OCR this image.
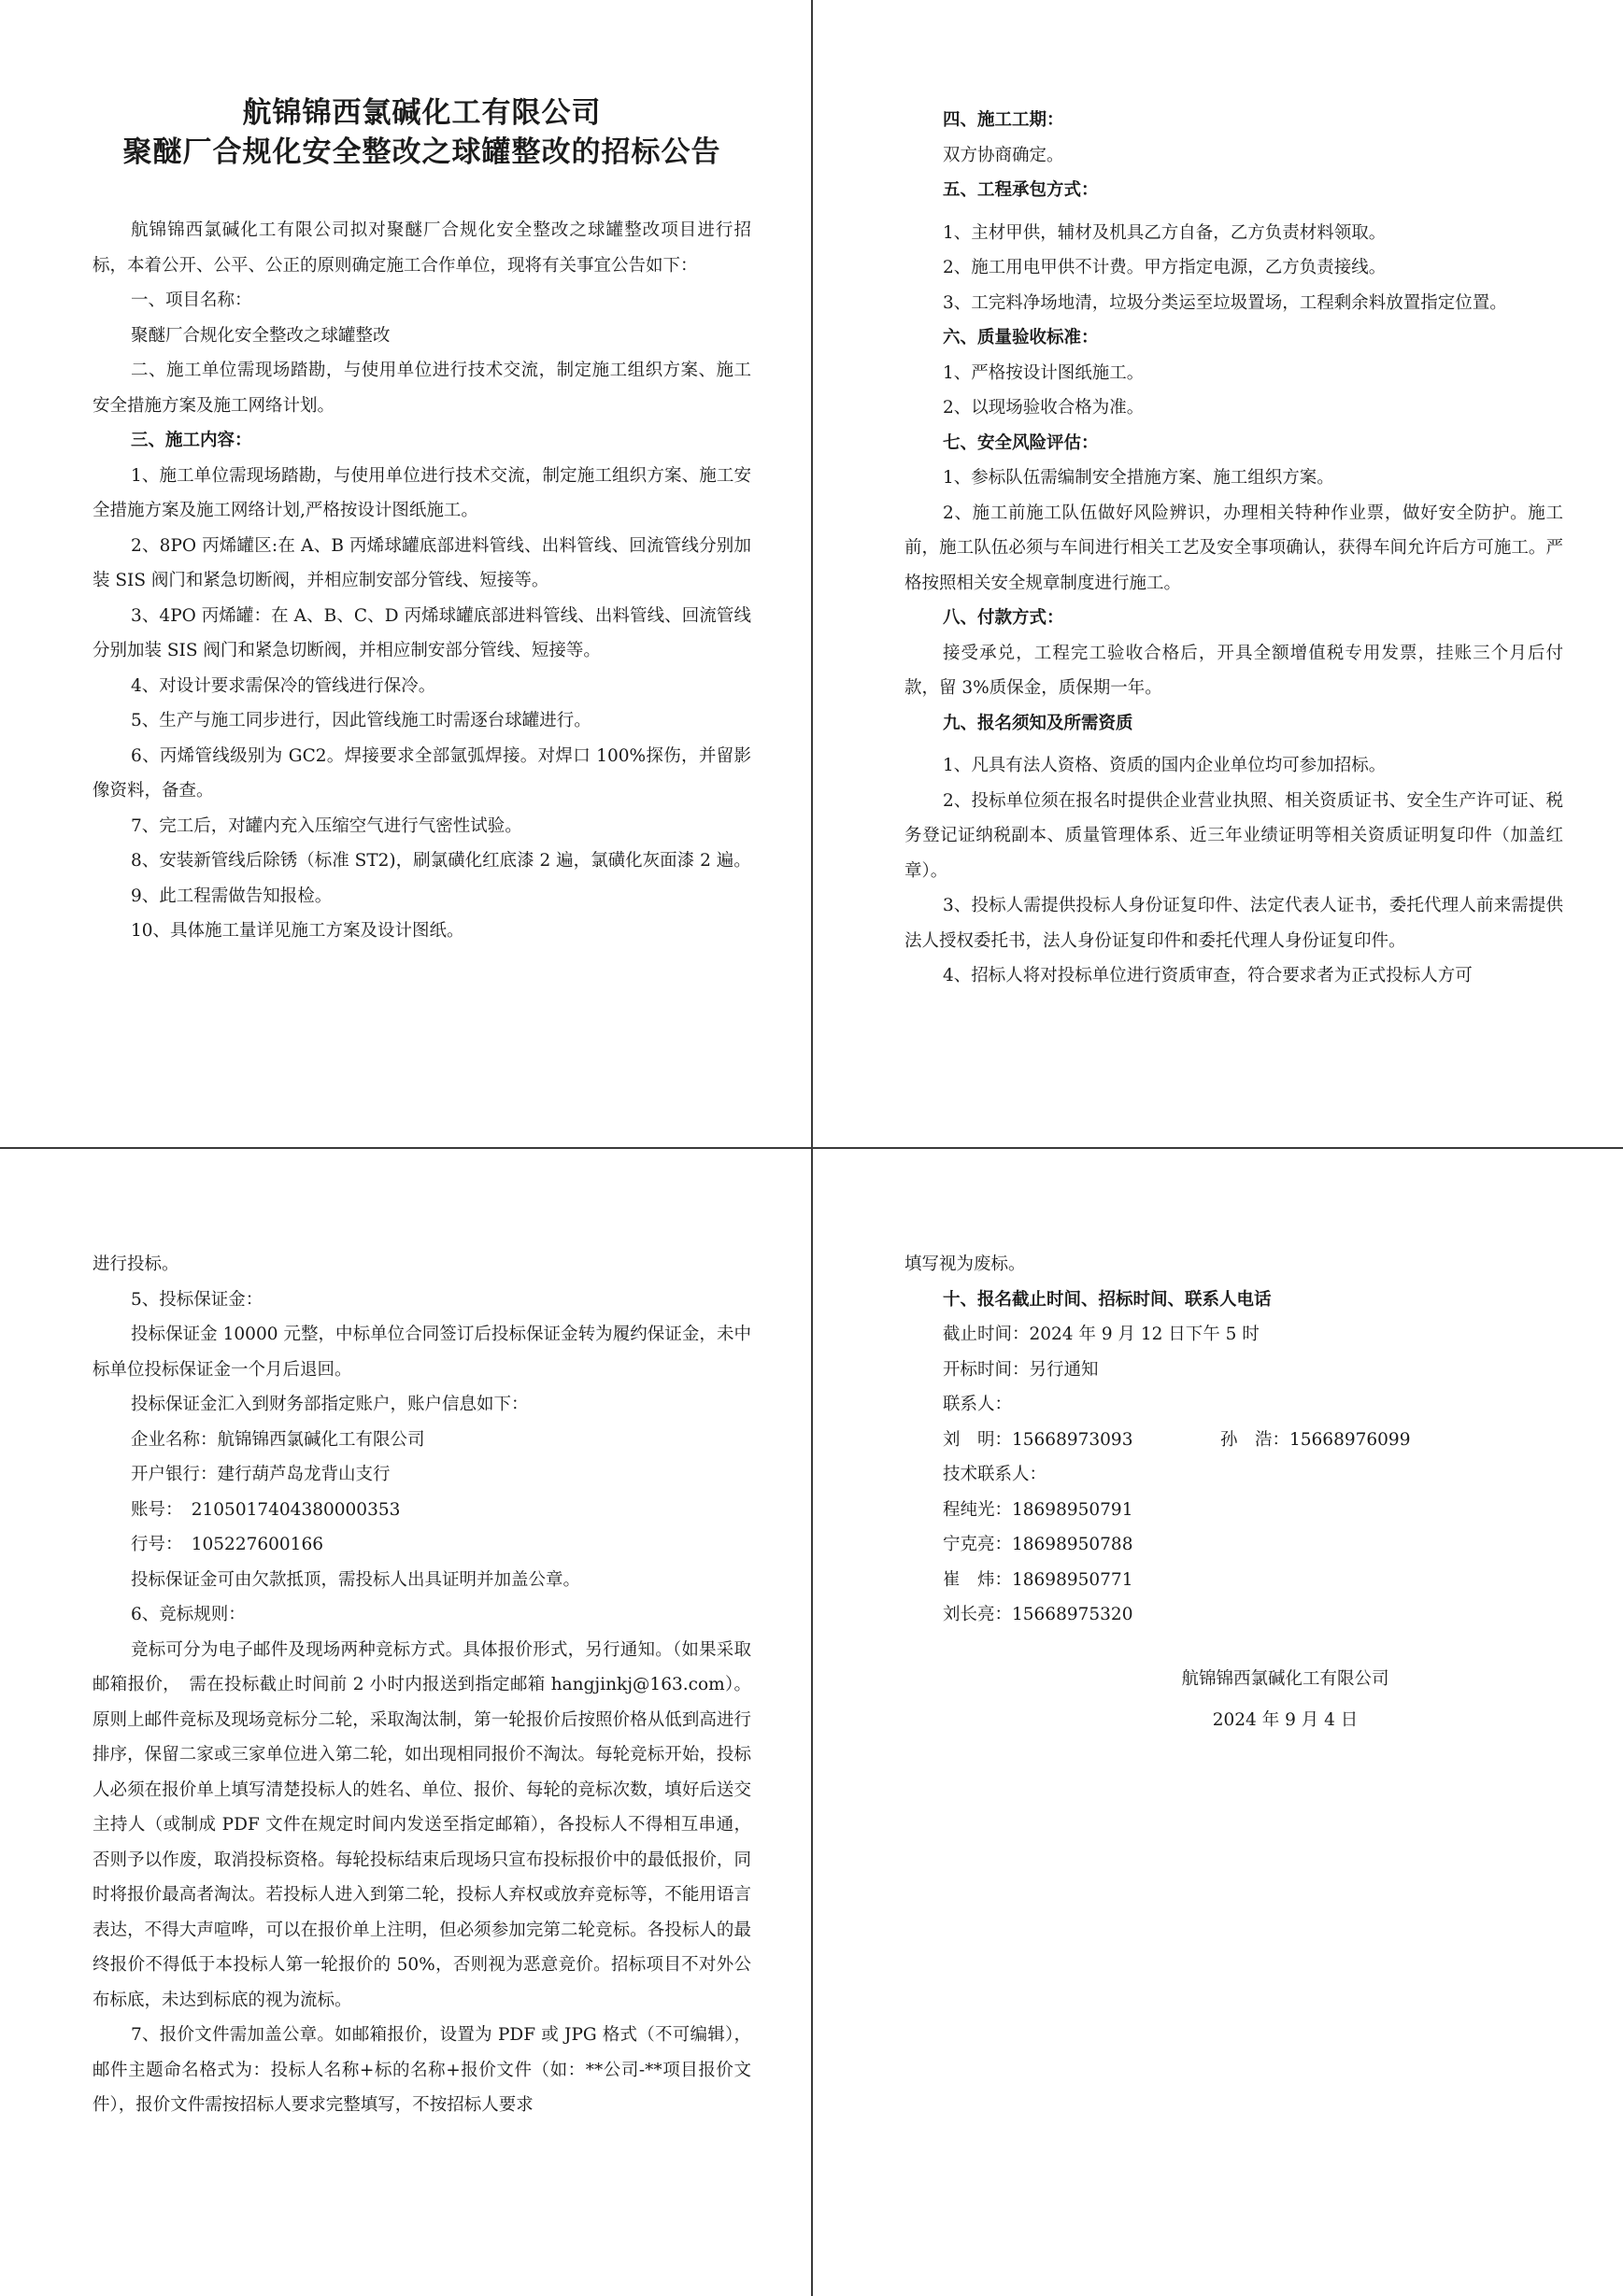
航锦锦西氯碱化工有限公司
聚醚厂合规化安全整改之球罐整改的招标公告

航锦锦西氯碱化工有限公司拟对聚醚厂合规化安全整改之球罐整改项目进行招标，本着公开、公平、公正的原则确定施工合作单位，现将有关事宜公告如下：

一、项目名称：

聚醚厂合规化安全整改之球罐整改

二、施工单位需现场踏勘，与使用单位进行技术交流，制定施工组织方案、施工安全措施方案及施工网络计划。

三、施工内容：

1、施工单位需现场踏勘，与使用单位进行技术交流，制定施工组织方案、施工安全措施方案及施工网络计划,严格按设计图纸施工。

2、8PO 丙烯罐区:在 A、B 丙烯球罐底部进料管线、出料管线、回流管线分别加装 SIS 阀门和紧急切断阀，并相应制安部分管线、短接等。

3、4PO 丙烯罐：在 A、B、C、D 丙烯球罐底部进料管线、出料管线、回流管线分别加装 SIS 阀门和紧急切断阀，并相应制安部分管线、短接等。

4、对设计要求需保冷的管线进行保冷。

5、生产与施工同步进行，因此管线施工时需逐台球罐进行。

6、丙烯管线级别为 GC2。焊接要求全部氩弧焊接。对焊口 100%探伤，并留影像资料，备查。

7、完工后，对罐内充入压缩空气进行气密性试验。

8、安装新管线后除锈（标准 ST2)，刷氯磺化红底漆 2 遍，氯磺化灰面漆 2 遍。

9、此工程需做告知报检。

10、具体施工量详见施工方案及设计图纸。

四、施工工期：

双方协商确定。

五、工程承包方式：

1、主材甲供，辅材及机具乙方自备，乙方负责材料领取。

2、施工用电甲供不计费。甲方指定电源，乙方负责接线。

3、工完料净场地清，垃圾分类运至垃圾置场，工程剩余料放置指定位置。

六、质量验收标准：

1、严格按设计图纸施工。

2、以现场验收合格为准。

七、安全风险评估：

1、参标队伍需编制安全措施方案、施工组织方案。

2、施工前施工队伍做好风险辨识，办理相关特种作业票，做好安全防护。施工前，施工队伍必须与车间进行相关工艺及安全事项确认，获得车间允许后方可施工。严格按照相关安全规章制度进行施工。

八、付款方式：

接受承兑，工程完工验收合格后，开具全额增值税专用发票，挂账三个月后付款，留 3%质保金，质保期一年。

九、报名须知及所需资质

1、凡具有法人资格、资质的国内企业单位均可参加招标。

2、投标单位须在报名时提供企业营业执照、相关资质证书、安全生产许可证、税务登记证纳税副本、质量管理体系、近三年业绩证明等相关资质证明复印件（加盖红章）。

3、投标人需提供投标人身份证复印件、法定代表人证书，委托代理人前来需提供法人授权委托书，法人身份证复印件和委托代理人身份证复印件。

4、招标人将对投标单位进行资质审查，符合要求者为正式投标人方可

进行投标。

5、投标保证金：

投标保证金 10000 元整，中标单位合同签订后投标保证金转为履约保证金，未中标单位投标保证金一个月后退回。

投标保证金汇入到财务部指定账户，账户信息如下：

企业名称：航锦锦西氯碱化工有限公司

开户银行：建行葫芦岛龙背山支行

账号：　2105017404380000353

行号：　105227600166

投标保证金可由欠款抵顶，需投标人出具证明并加盖公章。

6、竞标规则：

竞标可分为电子邮件及现场两种竞标方式。具体报价形式，另行通知。（如果采取邮箱报价，　需在投标截止时间前 2 小时内报送到指定邮箱 hangjinkj@163.com）。原则上邮件竞标及现场竞标分二轮，采取淘汰制，第一轮报价后按照价格从低到高进行排序，保留二家或三家单位进入第二轮，如出现相同报价不淘汰。每轮竞标开始，投标人必须在报价单上填写清楚投标人的姓名、单位、报价、每轮的竞标次数，填好后送交主持人（或制成 PDF 文件在规定时间内发送至指定邮箱），各投标人不得相互串通，否则予以作废，取消投标资格。每轮投标结束后现场只宣布投标报价中的最低报价，同时将报价最高者淘汰。若投标人进入到第二轮，投标人弃权或放弃竞标等，不能用语言表达，不得大声喧哗，可以在报价单上注明，但必须参加完第二轮竞标。各投标人的最终报价不得低于本投标人第一轮报价的 50%，否则视为恶意竞价。招标项目不对外公布标底，未达到标底的视为流标。

7、报价文件需加盖公章。如邮箱报价，设置为 PDF 或 JPG 格式（不可编辑），邮件主题命名格式为：投标人名称+标的名称+报价文件（如：**公司-**项目报价文件），报价文件需按招标人要求完整填写，不按招标人要求

填写视为废标。

十、报名截止时间、招标时间、联系人电话

截止时间：2024 年 9 月 12 日下午 5 时

开标时间：另行通知

联系人：

刘　明：15668973093	孙　浩：15668976099

技术联系人：

程纯光：18698950791

宁克亮：18698950788

崔　炜：18698950771

刘长亮：15668975320

航锦锦西氯碱化工有限公司
2024 年 9 月 4 日
